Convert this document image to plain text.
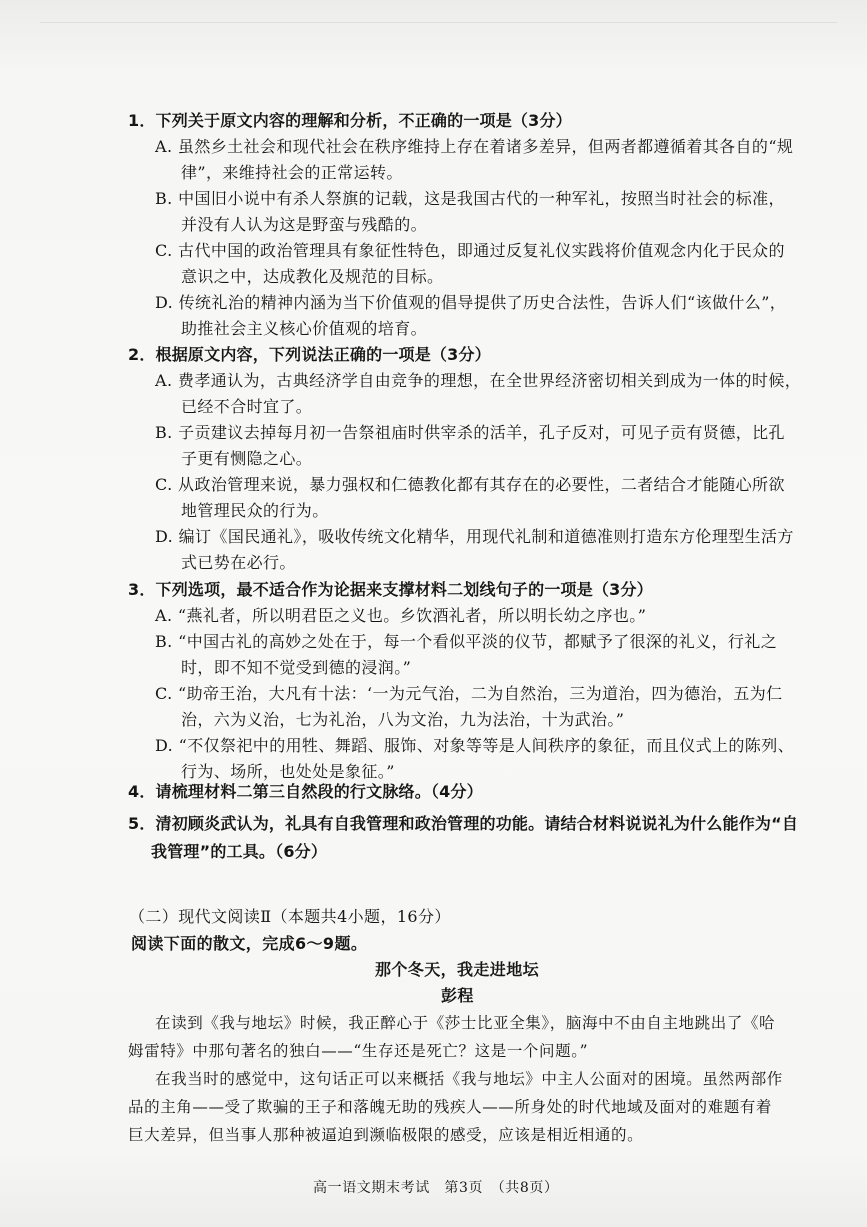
1．下列关于原文内容的理解和分析，不正确的一项是（3分）
A. 虽然乡土社会和现代社会在秩序维持上存在着诸多差异，但两者都遵循着其各自的“规
律”，来维持社会的正常运转。
B. 中国旧小说中有杀人祭旗的记载，这是我国古代的一种军礼，按照当时社会的标准，
并没有人认为这是野蛮与残酷的。
C. 古代中国的政治管理具有象征性特色，即通过反复礼仪实践将价值观念内化于民众的
意识之中，达成教化及规范的目标。
D. 传统礼治的精神内涵为当下价值观的倡导提供了历史合法性，告诉人们“该做什么”，
助推社会主义核心价值观的培育。
2．根据原文内容，下列说法正确的一项是（3分）
A. 费孝通认为，古典经济学自由竞争的理想，在全世界经济密切相关到成为一体的时候，
已经不合时宜了。
B. 子贡建议去掉每月初一告祭祖庙时供宰杀的活羊，孔子反对，可见子贡有贤德，比孔
子更有恻隐之心。
C. 从政治管理来说，暴力强权和仁德教化都有其存在的必要性，二者结合才能随心所欲
地管理民众的行为。
D. 编订《国民通礼》，吸收传统文化精华，用现代礼制和道德准则打造东方伦理型生活方
式已势在必行。
3．下列选项，最不适合作为论据来支撑材料二划线句子的一项是（3分）
A. “燕礼者，所以明君臣之义也。乡饮酒礼者，所以明长幼之序也。”
B. “中国古礼的高妙之处在于，每一个看似平淡的仪节，都赋予了很深的礼义，行礼之
时，即不知不觉受到德的浸润。”
C. “助帝王治，大凡有十法：‘一为元气治，二为自然治，三为道治，四为德治，五为仁
治，六为义治，七为礼治，八为文治，九为法治，十为武治。”
D. “不仅祭祀中的用牲、舞蹈、服饰、对象等等是人间秩序的象征，而且仪式上的陈列、
行为、场所，也处处是象征。”
4．请梳理材料二第三自然段的行文脉络。（4分）
5．清初顾炎武认为，礼具有自我管理和政治管理的功能。请结合材料说说礼为什么能作为“自
我管理”的工具。（6分）
（二）现代文阅读Ⅱ（本题共4小题，16分）
阅读下面的散文，完成6～9题。
那个冬天，我走进地坛
彭程
在读到《我与地坛》时候，我正醉心于《莎士比亚全集》，脑海中不由自主地跳出了《哈
姆雷特》中那句著名的独白——“生存还是死亡？这是一个问题。”
在我当时的感觉中，这句话正可以来概括《我与地坛》中主人公面对的困境。虽然两部作
品的主角——受了欺骗的王子和落魄无助的残疾人——所身处的时代地域及面对的难题有着
巨大差异，但当事人那种被逼迫到濒临极限的感受，应该是相近相通的。
高一语文期末考试　第3页　（共8页）
